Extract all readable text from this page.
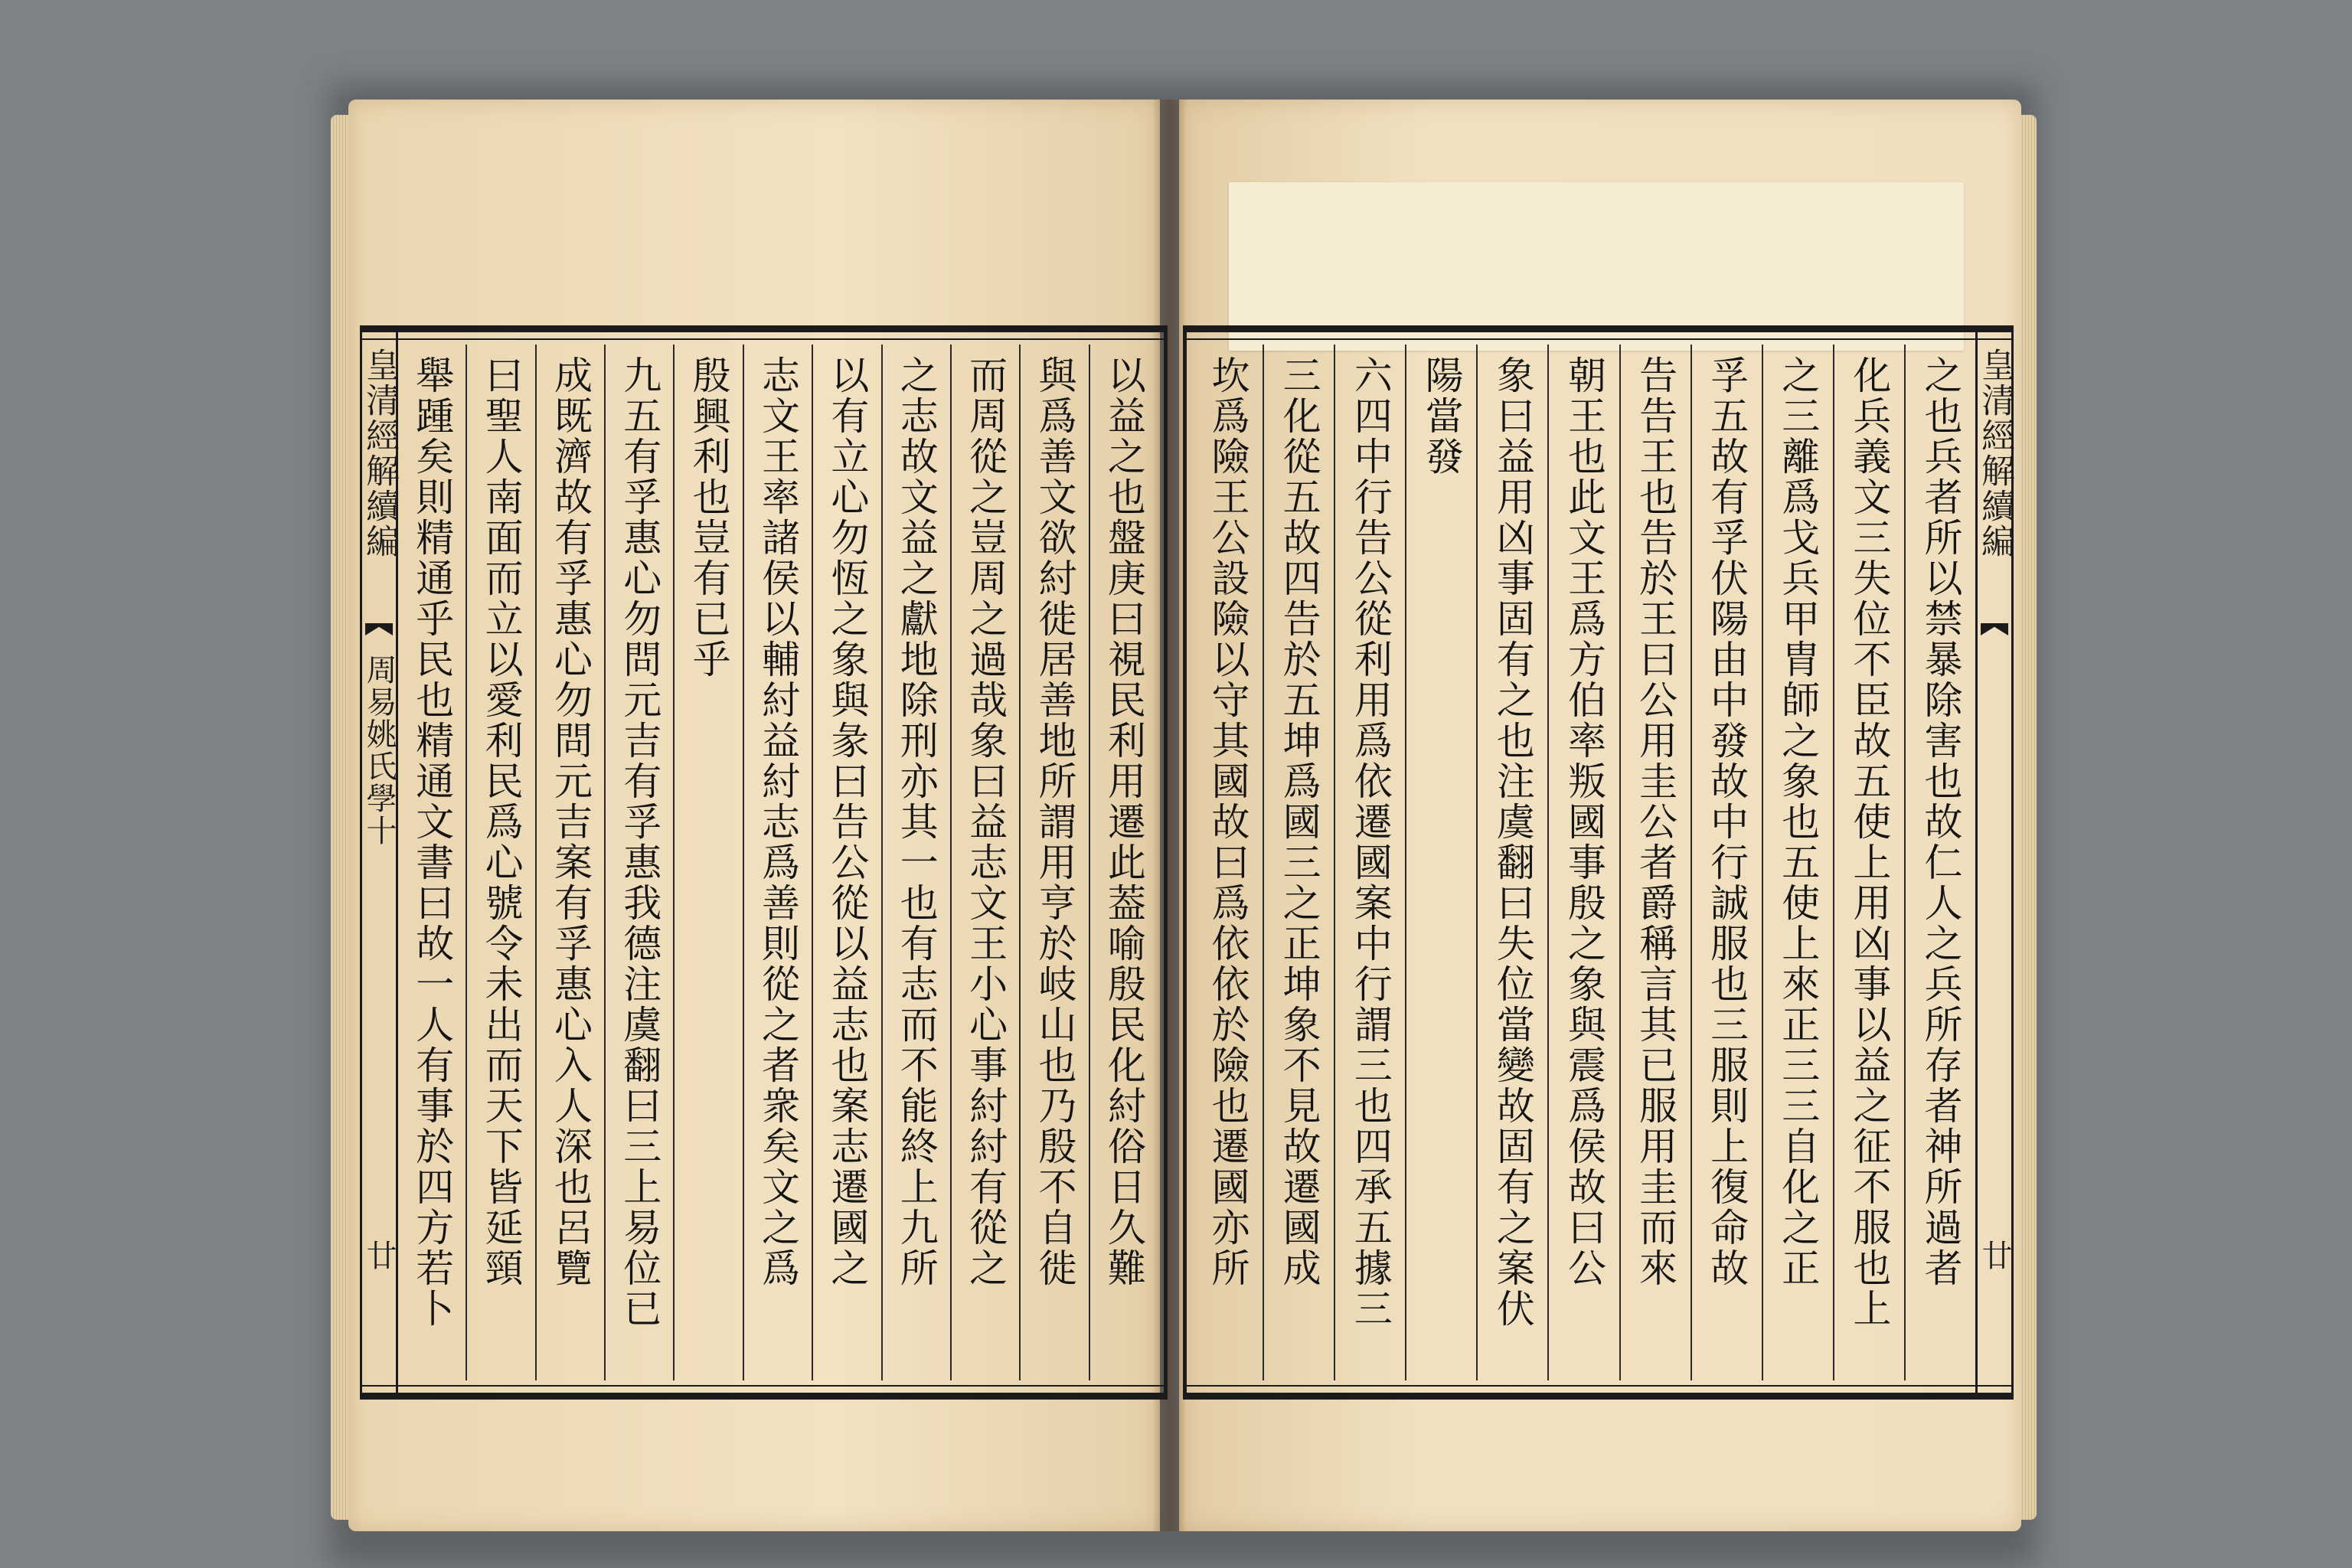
皇清經解續編
周易姚氏學十
廿	以益之也盤庚曰視民利用遷此葢喻殷民化紂俗日久難
與爲善文欲紂徙居善地所謂用亨於岐山也乃殷不自徙
而周從之豈周之過哉象曰益志文王小心事紂紂有從之
之志故文益之獻地除刑亦其一也有志而不能終上九所
以有立心勿恆之象與彖曰告公從以益志也案志遷國之
志文王率諸侯以輔紂益紂志爲善則從之者衆矣文之爲
殷興利也豈有已乎
九五有孚惠心勿問元吉有孚惠我德注虞翻曰三上易位已
成既濟故有孚惠心勿問元吉案有孚惠心入人深也呂覽
曰聖人南面而立以愛利民爲心號令未出而天下皆延頸
舉踵矣則精通乎民也精通文書曰故一人有事於四方若卜	皇清經解續編
廿
之也兵者所以禁暴除害也故仁人之兵所存者神所過者
化兵義文三失位不臣故五使上用凶事以益之征不服也上
之三離爲戈兵甲胄師之象也五使上來正三三自化之正
孚五故有孚伏陽由中發故中行誠服也三服則上復命故
告告王也告於王曰公用圭公者爵稱言其已服用圭而來
朝王也此文王爲方伯率叛國事殷之象與震爲侯故曰公
象曰益用凶事固有之也注虞翻曰失位當變故固有之案伏
陽當發
六四中行告公從利用爲依遷國案中行謂三也四承五據三
三化從五故四告於五坤爲國三之正坤象不見故遷國成
坎爲險王公設險以守其國故曰爲依依於險也遷國亦所
